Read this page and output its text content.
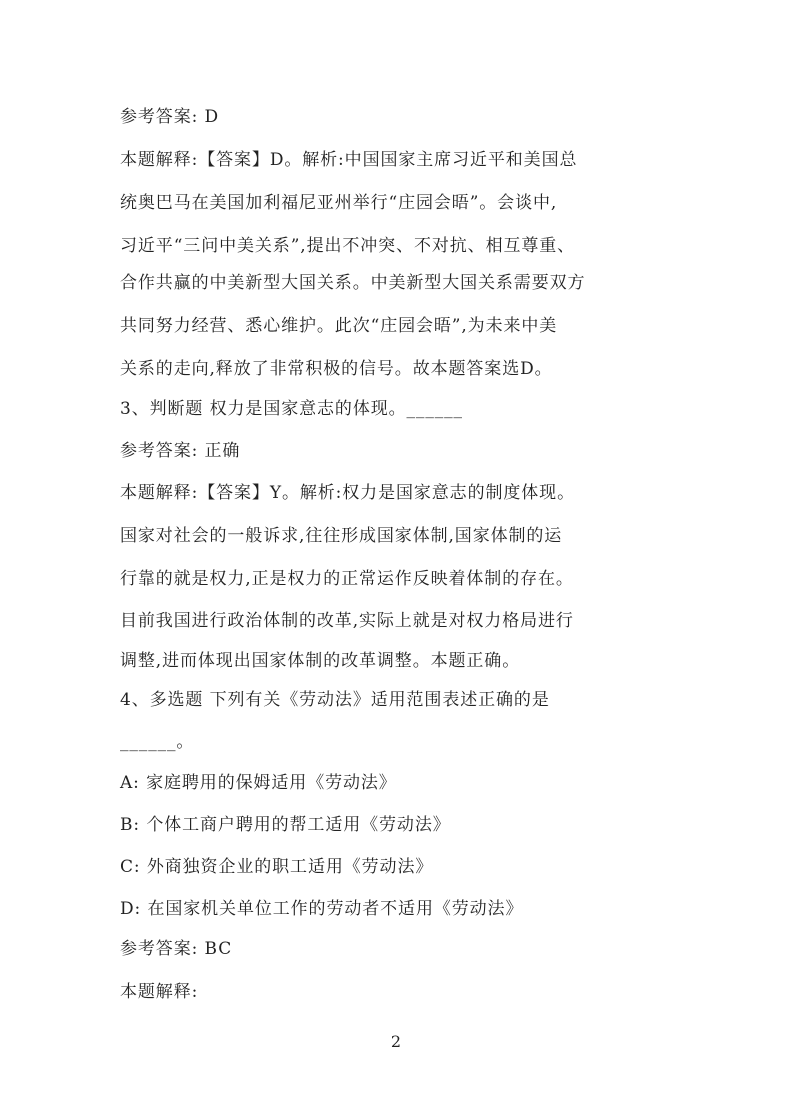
参考答案: D
本题解释:【答案】D。解析:中国国家主席习近平和美国总
统奥巴马在美国加利福尼亚州举行“庄园会晤”。会谈中,
习近平“三问中美关系”,提出不冲突、不对抗、相互尊重、
合作共赢的中美新型大国关系。中美新型大国关系需要双方
共同努力经营、悉心维护。此次“庄园会晤”,为未来中美
关系的走向,释放了非常积极的信号。故本题答案选D。
3、判断题 权力是国家意志的体现。______
参考答案: 正确
本题解释:【答案】Y。解析:权力是国家意志的制度体现。
国家对社会的一般诉求,往往形成国家体制,国家体制的运
行靠的就是权力,正是权力的正常运作反映着体制的存在。
目前我国进行政治体制的改革,实际上就是对权力格局进行
调整,进而体现出国家体制的改革调整。本题正确。
4、多选题 下列有关《劳动法》适用范围表述正确的是
______。
A: 家庭聘用的保姆适用《劳动法》
B: 个体工商户聘用的帮工适用《劳动法》
C: 外商独资企业的职工适用《劳动法》
D: 在国家机关单位工作的劳动者不适用《劳动法》
参考答案: BC
本题解释:
2
